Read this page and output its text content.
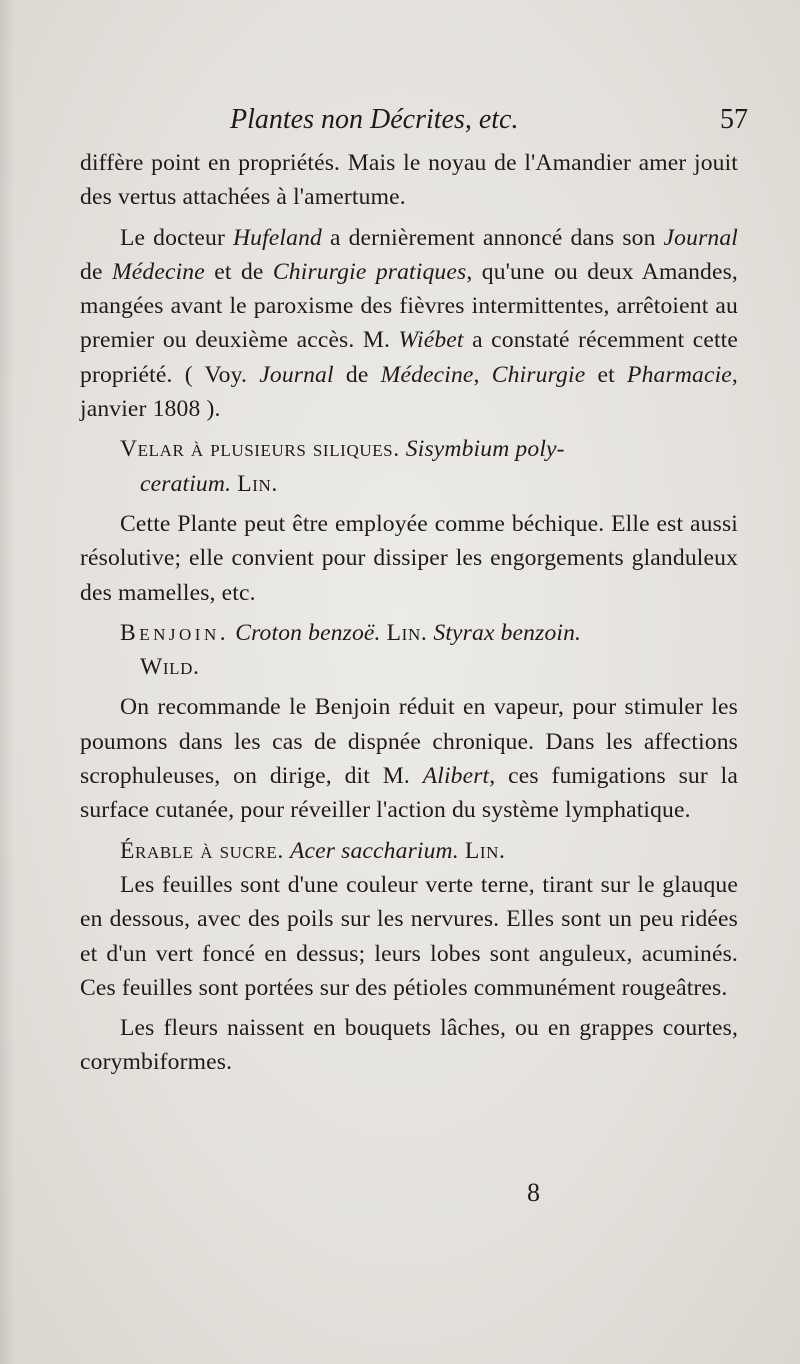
Plantes non Décrites, etc.	57

diffère point en propriétés. Mais le noyau de l'Amandier amer jouit des vertus attachées à l'amertume.

Le docteur Hufeland a dernièrement annoncé dans son Journal de Médecine et de Chirurgie pratiques, qu'une ou deux Amandes, mangées avant le paroxisme des fièvres intermittentes, arrêtoient au premier ou deuxième accès. M. Wiébet a constaté récemment cette propriété. ( Voy. Journal de Médecine, Chirurgie et Pharmacie, janvier 1808 ).

Velar à plusieurs siliques. Sisymbium poly-
ceratium. Lin.

Cette Plante peut être employée comme béchique. Elle est aussi résolutive; elle convient pour dissiper les engorgements glanduleux des mamelles, etc.

Benjoin. Croton benzoë. Lin. Styrax benzoin.
Wild.

On recommande le Benjoin réduit en vapeur, pour stimuler les poumons dans les cas de dispnée chronique. Dans les affections scrophuleuses, on dirige, dit M. Alibert, ces fumigations sur la surface cutanée, pour réveiller l'action du système lymphatique.

Érable à sucre. Acer saccharium. Lin.

Les feuilles sont d'une couleur verte terne, tirant sur le glauque en dessous, avec des poils sur les nervures. Elles sont un peu ridées et d'un vert foncé en dessus; leurs lobes sont anguleux, acuminés. Ces feuilles sont portées sur des pétioles communément rougeâtres.

Les fleurs naissent en bouquets lâches, ou en grappes courtes, corymbiformes.

8
